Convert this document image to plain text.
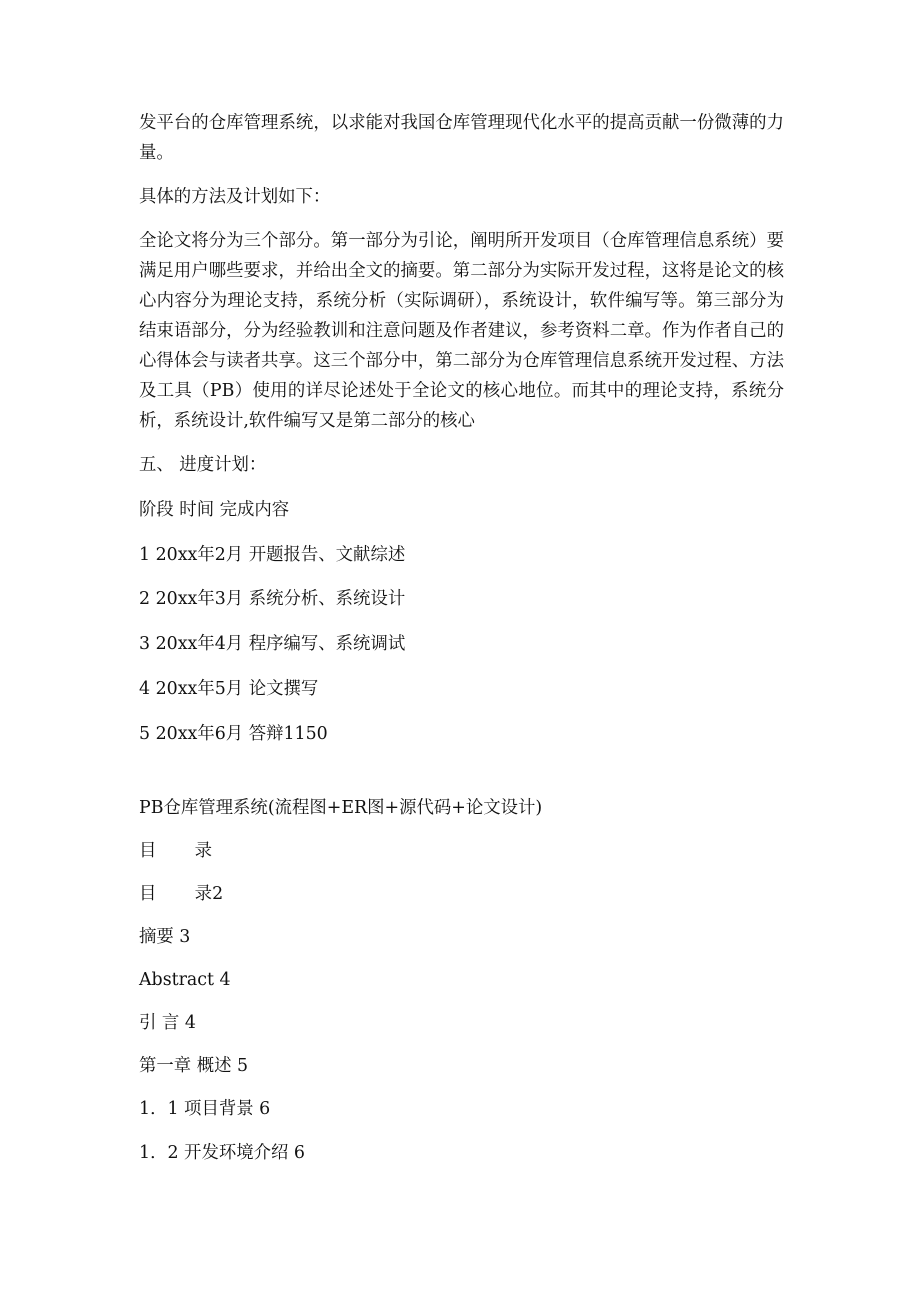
发平台的仓库管理系统，以求能对我国仓库管理现代化水平的提高贡献一份微薄的力量。

具体的方法及计划如下：

全论文将分为三个部分。第一部分为引论，阐明所开发项目（仓库管理信息系统）要满足用户哪些要求，并给出全文的摘要。第二部分为实际开发过程，这将是论文的核心内容分为理论支持，系统分析（实际调研），系统设计，软件编写等。第三部分为结束语部分，分为经验教训和注意问题及作者建议，参考资料二章。作为作者自己的心得体会与读者共享。这三个部分中，第二部分为仓库管理信息系统开发过程、方法及工具（PB）使用的详尽论述处于全论文的核心地位。而其中的理论支持，系统分析，系统设计,软件编写又是第二部分的核心

五、 进度计划：

阶段 时间 完成内容

1 20xx年2月 开题报告、文献综述

2 20xx年3月 系统分析、系统设计

3 20xx年4月 程序编写、系统调试

4 20xx年5月 论文撰写

5 20xx年6月 答辩1150

PB仓库管理系统(流程图+ER图+源代码+论文设计)

目 录

目 录2

摘要 3

Abstract 4

引 言 4

第一章 概述 5

1．1 项目背景 6

1．2 开发环境介绍 6
